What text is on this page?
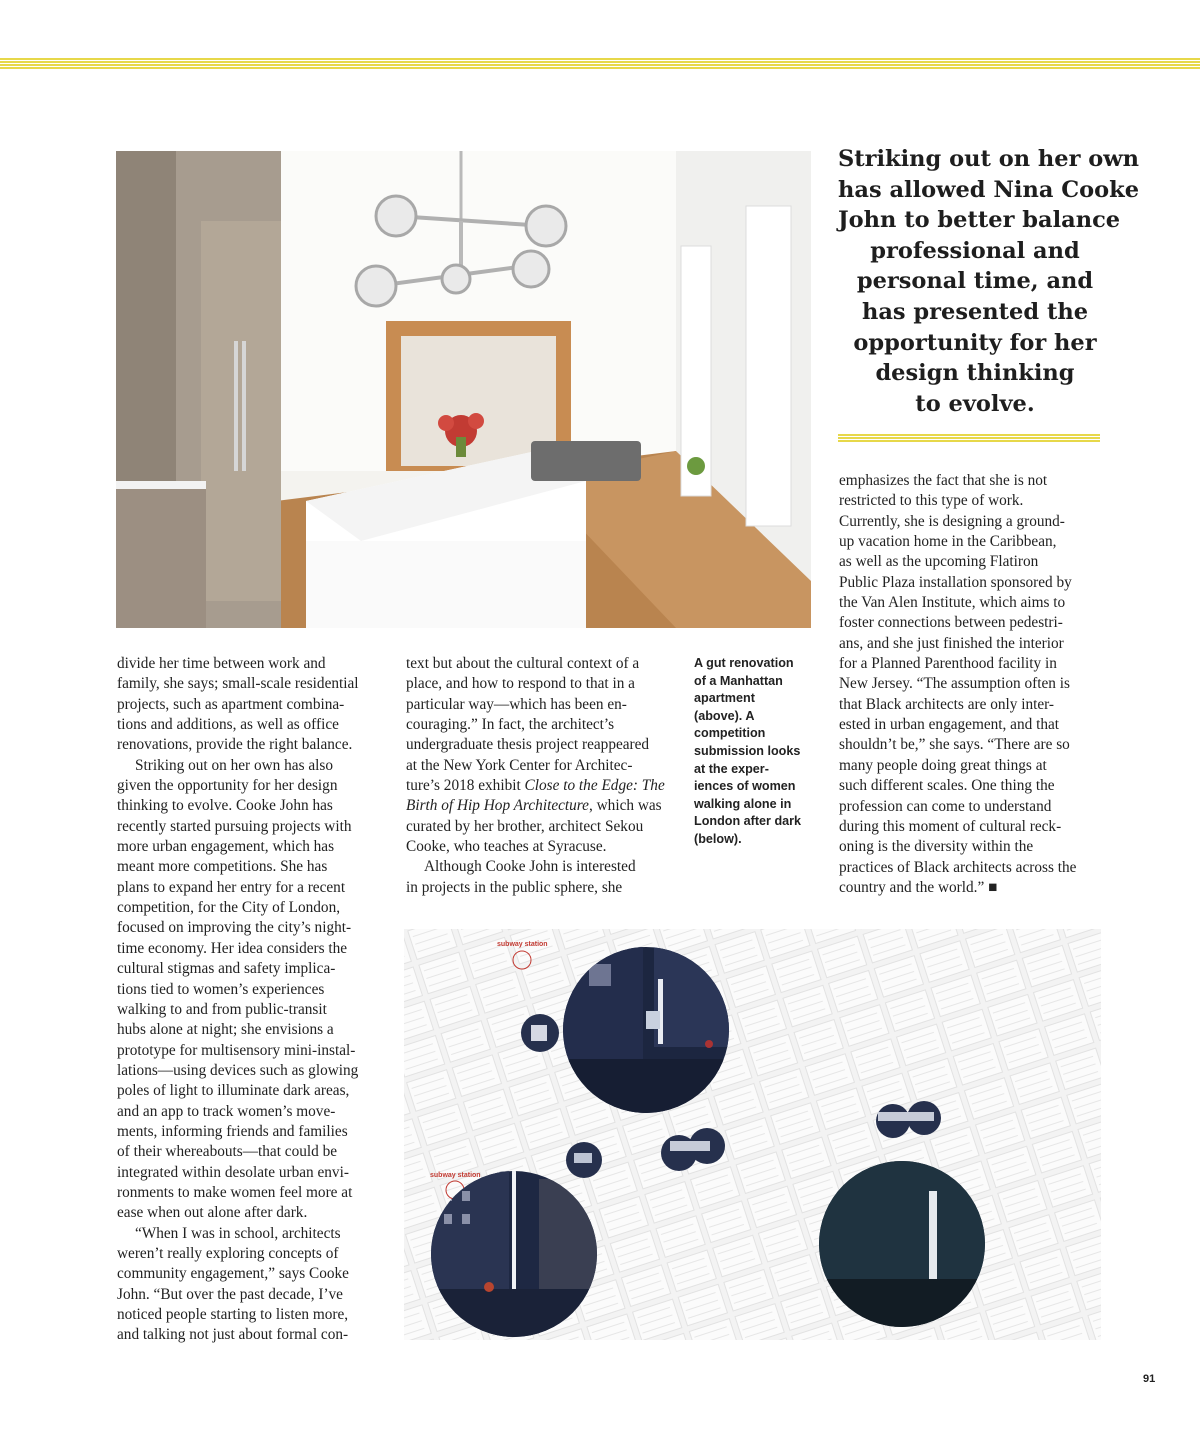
Striking out on her own
has allowed Nina Cooke
John to better balance
professional and
personal time, and
has presented the
opportunity for her
design thinking
to evolve.
divide her time between work and
family, she says; small-scale residential
projects, such as apartment combina-
tions and additions, as well as office
renovations, provide the right balance.
Striking out on her own has also
given the opportunity for her design
thinking to evolve. Cooke John has
recently started pursuing projects with
more urban engagement, which has
meant more competitions. She has
plans to expand her entry for a recent
competition, for the City of London,
focused on improving the city’s night-
time economy. Her idea considers the
cultural stigmas and safety implica-
tions tied to women’s experiences
walking to and from public-transit
hubs alone at night; she envisions a
prototype for multisensory mini-instal-
lations—using devices such as glowing
poles of light to illuminate dark areas,
and an app to track women’s move-
ments, informing friends and families
of their whereabouts—that could be
integrated within desolate urban envi-
ronments to make women feel more at
ease when out alone after dark.
“When I was in school, architects
weren’t really exploring concepts of
community engagement,” says Cooke
John. “But over the past decade, I’ve
noticed people starting to listen more,
and talking not just about formal con-
text but about the cultural context of a
place, and how to respond to that in a
particular way—which has been en-
couraging.” In fact, the architect’s
undergraduate thesis project reappeared
at the New York Center for Architec-
ture’s 2018 exhibit Close to the Edge: The
Birth of Hip Hop Architecture, which was
curated by her brother, architect Sekou
Cooke, who teaches at Syracuse.
Although Cooke John is interested
in projects in the public sphere, she
A gut renovation
of a Manhattan
apartment
(above). A
competition
submission looks
at the exper-
iences of women
walking alone in
London after dark
(below).
emphasizes the fact that she is not
restricted to this type of work.
Currently, she is designing a ground-
up vacation home in the Caribbean,
as well as the upcoming Flatiron
Public Plaza installation sponsored by
the Van Alen Institute, which aims to
foster connections between pedestri-
ans, and she just finished the interior
for a Planned Parenthood facility in
New Jersey. “The assumption often is
that Black architects are only inter-
ested in urban engagement, and that
shouldn’t be,” she says. “There are so
many people doing great things at
such different scales. One thing the
profession can come to understand
during this moment of cultural reck-
oning is the diversity within the
practices of Black architects across the
country and the world.” ■
subway station
subway station
91
